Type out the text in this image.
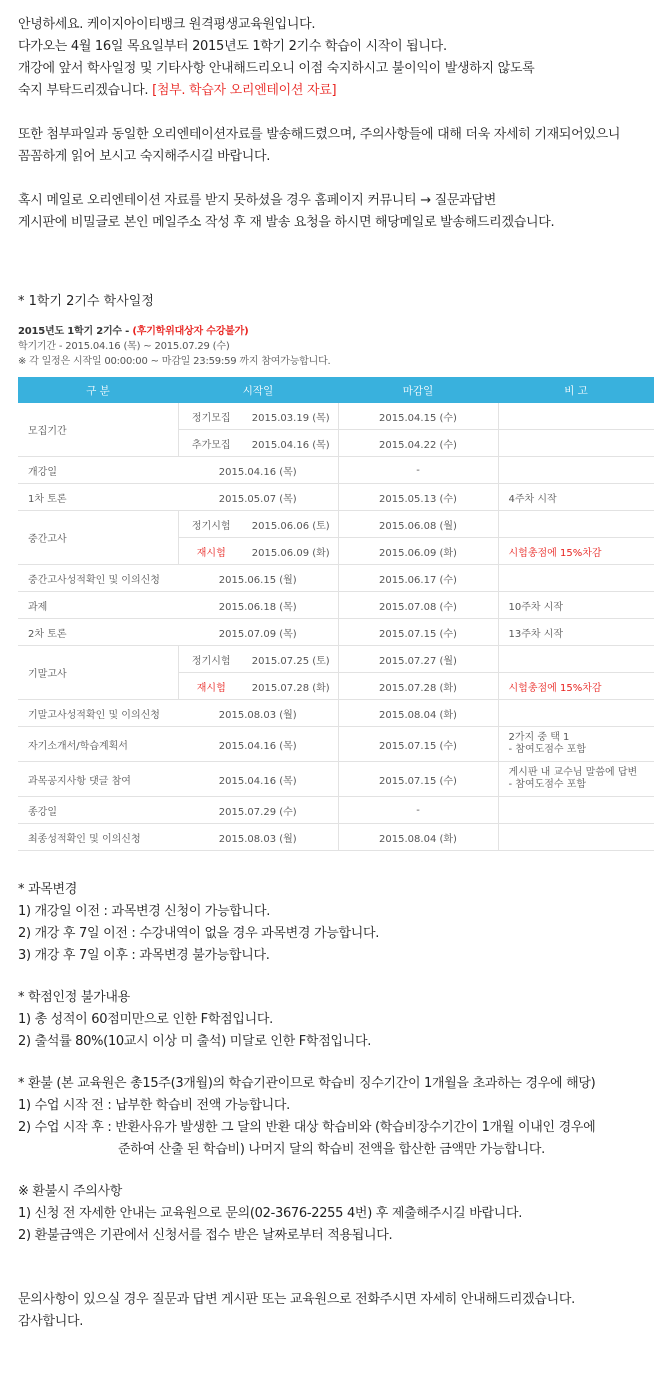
안녕하세요. 케이지아이티뱅크 원격평생교육원입니다.
다가오는 4월 16일 목요일부터 2015년도 1학기 2기수 학습이 시작이 됩니다.
개강에 앞서 학사일정 및 기타사항 안내해드리오니 이점 숙지하시고 불이익이 발생하지 않도록
숙지 부탁드리겠습니다. [첨부. 학습자 오리엔테이션 자료]
또한 첨부파일과 동일한 오리엔테이션자료를 발송해드렸으며, 주의사항들에 대해 더욱 자세히 기재되어있으니
꼼꼼하게 읽어 보시고 숙지해주시길 바랍니다.
혹시 메일로 오리엔테이션 자료를 받지 못하셨을 경우 홈페이지 커뮤니티 → 질문과답변
게시판에 비밀글로 본인 메일주소 작성 후 재 발송 요청을 하시면 해당메일로 발송해드리겠습니다.
* 1학기 2기수 학사일정
2015년도 1학기 2기수 - (후기학위대상자 수강불가)
학기기간 - 2015.04.16 (목) ~ 2015.07.29 (수)
※ 각 일정은 시작일 00:00:00 ~ 마감일 23:59:59 까지 참여가능합니다.
구 분	시작일		마감일	비 고
모집기간	정기모집	2015.03.19 (목)	2015.04.15 (수)	
	추가모집	2015.04.16 (목)	2015.04.22 (수)	
개강일	2015.04.16 (목)		-	
1차 토론	2015.05.07 (목)		2015.05.13 (수)	4주차 시작
중간고사	정기시험	2015.06.06 (토)	2015.06.08 (월)	
	재시험	2015.06.09 (화)	2015.06.09 (화)	시험총점에 15%차감
중간고사성적확인 및 이의신청	2015.06.15 (월)		2015.06.17 (수)	
과제	2015.06.18 (목)		2015.07.08 (수)	10주차 시작
2차 토론	2015.07.09 (목)		2015.07.15 (수)	13주차 시작
기말고사	정기시험	2015.07.25 (토)	2015.07.27 (월)	
	재시험	2015.07.28 (화)	2015.07.28 (화)	시험총점에 15%차감
기말고사성적확인 및 이의신청	2015.08.03 (월)		2015.08.04 (화)	
자기소개서/학습계획서	2015.04.16 (목)		2015.07.15 (수)	2가지 중 택 1
- 참여도점수 포함

과목공지사항 댓글 참여	2015.04.16 (목)		2015.07.15 (수)	게시판 내 교수님 말씀에 답변
- 참여도점수 포함

종강일	2015.07.29 (수)		-	
최종성적확인 및 이의신청	2015.08.03 (월)		2015.08.04 (화)	
* 과목변경
1) 개강일 이전 : 과목변경 신청이 가능합니다.
2) 개강 후 7일 이전 : 수강내역이 없을 경우 과목변경 가능합니다.
3) 개강 후 7일 이후 : 과목변경 불가능합니다.
* 학점인정 불가내용
1) 총 성적이 60점미만으로 인한 F학점입니다.
2) 출석률 80%(10교시 이상 미 출석) 미달로 인한 F학점입니다.
* 환불 (본 교육원은 총15주(3개월)의 학습기관이므로 학습비 징수기간이 1개월을 초과하는 경우에 해당)
1) 수업 시작 전 : 납부한 학습비 전액 가능합니다.
2) 수업 시작 후 : 반환사유가 발생한 그 달의 반환 대상 학습비와 (학습비장수기간이 1개월 이내인 경우에
준하여 산출 된 학습비) 나머지 달의 학습비 전액을 합산한 금액만 가능합니다.
※ 환불시 주의사항
1) 신청 전 자세한 안내는 교육원으로 문의(02-3676-2255 4번) 후 제출해주시길 바랍니다.
2) 환불금액은 기관에서 신청서를 접수 받은 날짜로부터 적용됩니다.
문의사항이 있으실 경우 질문과 답변 게시판 또는 교육원으로 전화주시면 자세히 안내해드리겠습니다.
감사합니다.
